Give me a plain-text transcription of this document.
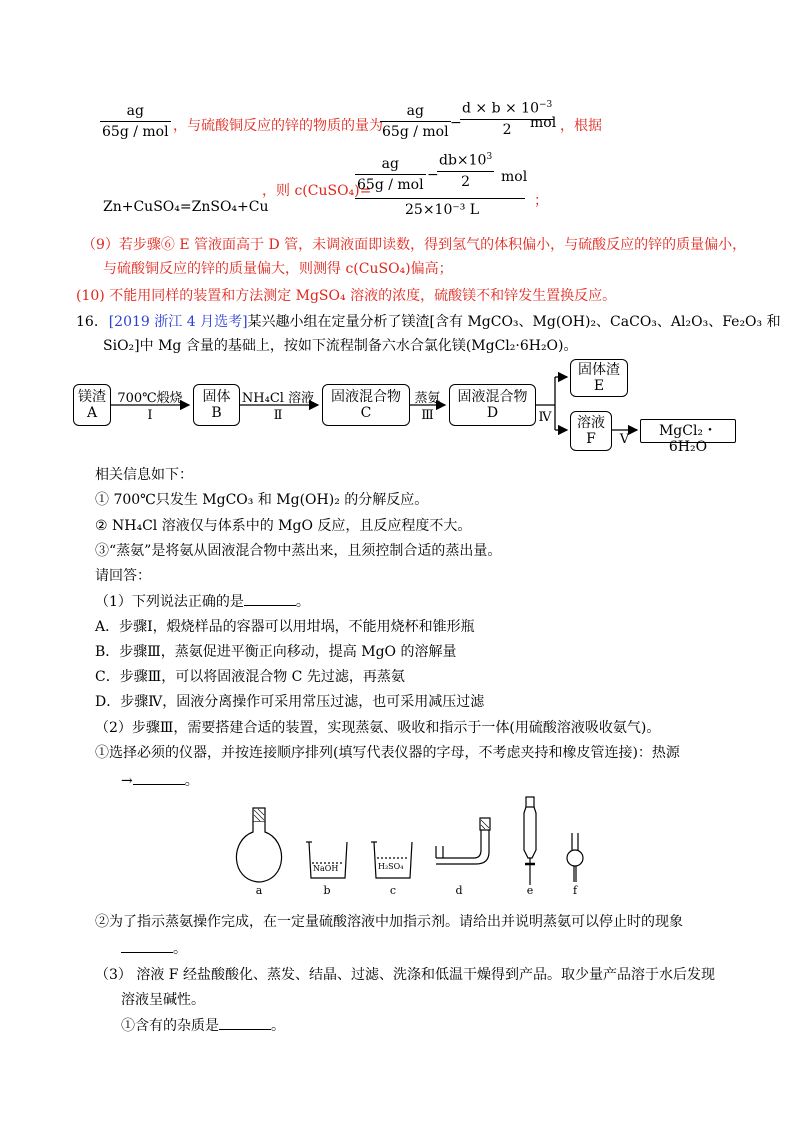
ag
65g / mol ，与硫酸铜反应的锌的物质的量为
ag
65g / mol
−
$\frac{d \times b \times 10^{-3}}{2}$
mol ，根据
Zn+CuSO₄=ZnSO₄+Cu
，则 c(CuSO₄)=
ag
65g / mol
−
$\frac{db\times 10^3}{2}$ mol
25×10⁻³ L
；
（9）若步骤⑥ E 管液面高于 D 管，未调液面即读数，得到氢气的体积偏小，与硫酸反应的锌的质量偏小，
与硫酸铜反应的锌的质量偏大，则测得 c(CuSO₄)偏高；
(10) 不能用同样的装置和方法测定 MgSO₄ 溶液的浓度，硫酸镁不和锌发生置换反应。
16. [2019 浙江 4 月选考]某兴趣小组在定量分析了镁渣[含有 MgCO₃、Mg(OH)₂、CaCO₃、Al₂O₃、Fe₂O₃ 和
SiO₂]中 Mg 含量的基础上，按如下流程制备六水合氯化镁(MgCl₂·6H₂O)。
镁渣
A
700℃煅烧
Ⅰ
固体
B
NH₄Cl 溶液
Ⅱ
固液混合物
C
蒸氨
Ⅲ
固液混合物
D	Ⅳ
固体渣
E
溶液
F	Ⅴ
MgCl₂・6H₂O
相关信息如下：
① 700℃只发生 MgCO₃ 和 Mg(OH)₂ 的分解反应。
② NH₄Cl 溶液仅与体系中的 MgO 反应，且反应程度不大。
③“蒸氨”是将氨从固液混合物中蒸出来，且须控制合适的蒸出量。
请回答：
（1）下列说法正确的是	。
A．步骤Ⅰ，煅烧样品的容器可以用坩埚，不能用烧杯和锥形瓶
B．步骤Ⅲ，蒸氨促进平衡正向移动，提高 MgO 的溶解量
C．步骤Ⅲ，可以将固液混合物 C 先过滤，再蒸氨
D．步骤Ⅳ，固液分离操作可采用常压过滤，也可采用减压过滤
（2）步骤Ⅲ，需要搭建合适的装置，实现蒸氨、吸收和指示于一体(用硫酸溶液吸收氨气)。
①选择必须的仪器，并按连接顺序排列(填写代表仪器的字母，不考虑夹持和橡皮管连接)：热源
→	。
NaOH	H₂SO₄
a	b	c	d	e	f
②为了指示蒸氨操作完成，在一定量硫酸溶液中加指示剂。请给出并说明蒸氨可以停止时的现象
。
（3） 溶液 F 经盐酸酸化、蒸发、结晶、过滤、洗涤和低温干燥得到产品。取少量产品溶于水后发现
溶液呈碱性。
①含有的杂质是	。
